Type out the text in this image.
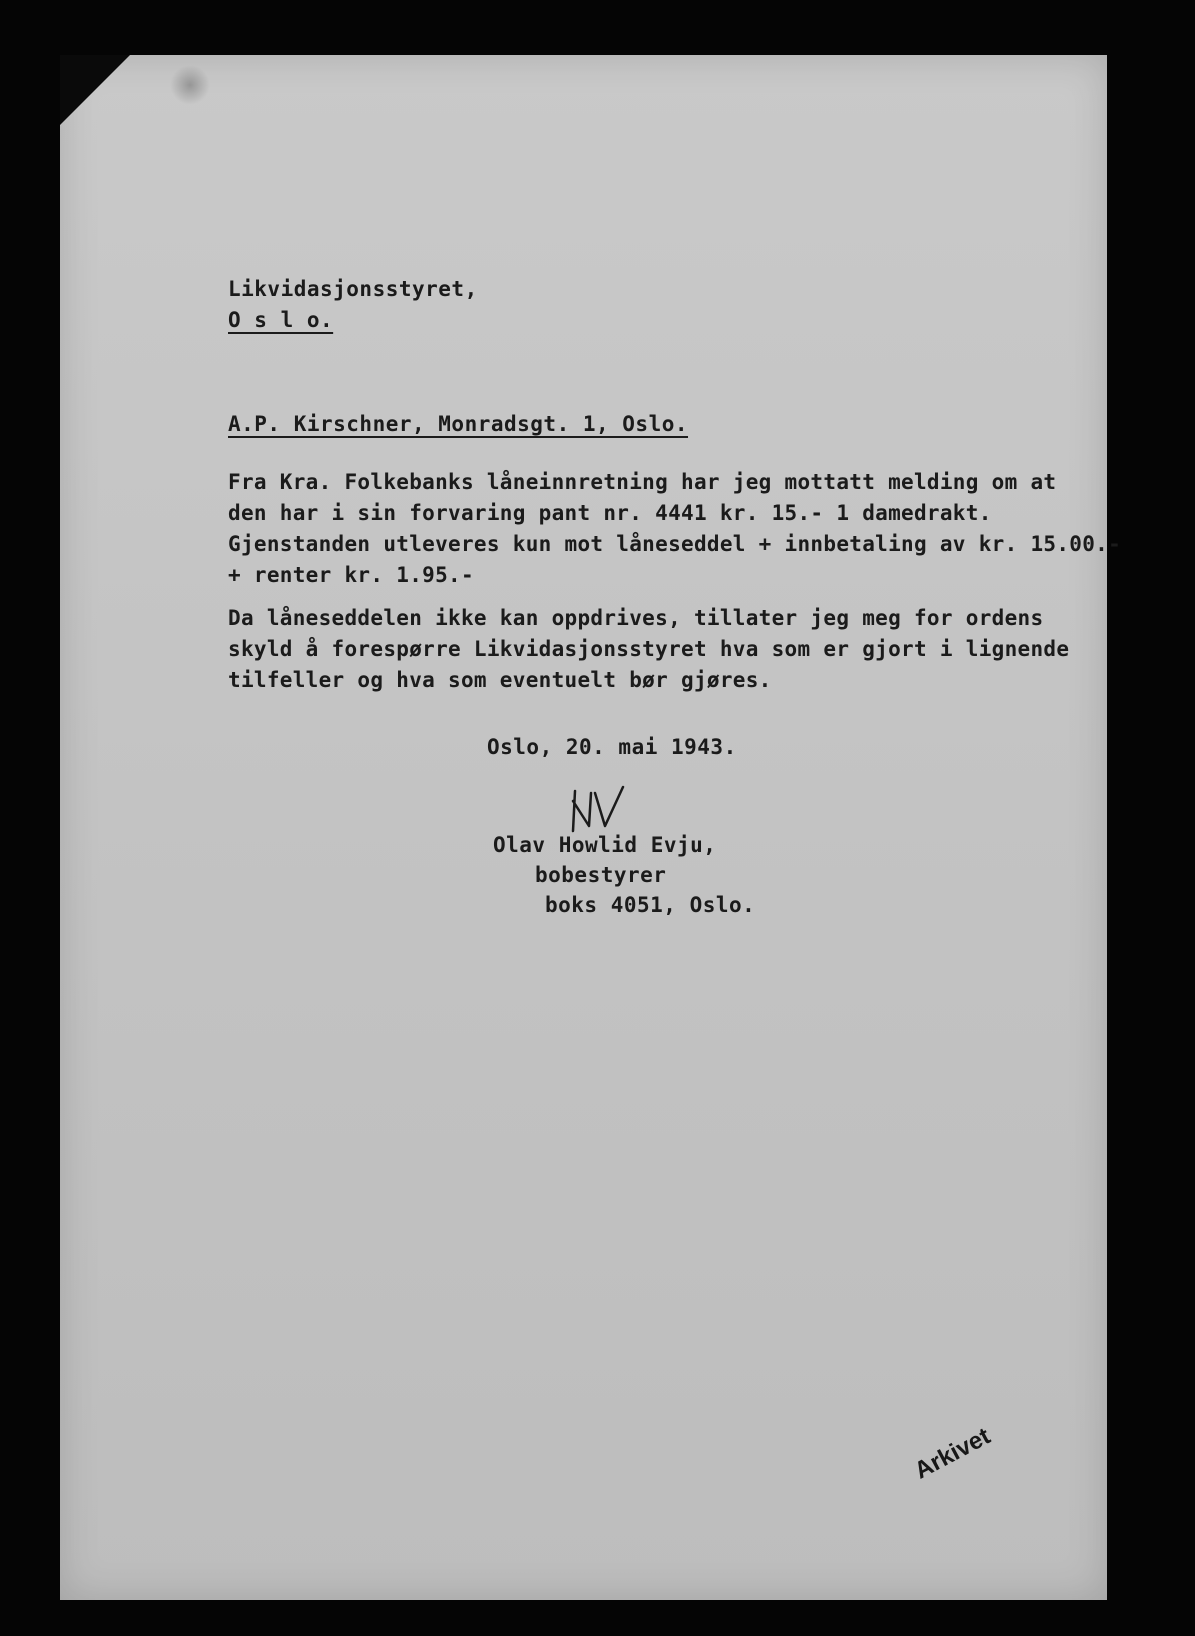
Likvidasjonsstyret,
O s l o.
A.P. Kirschner, Monradsgt. 1, Oslo.
Fra Kra. Folkebanks låneinnretning har jeg mottatt melding om at
den har i sin forvaring pant nr. 4441 kr. 15.- 1 damedrakt.
Gjenstanden utleveres kun mot låneseddel + innbetaling av kr. 15.00.-
+ renter kr. 1.95.-
Da låneseddelen ikke kan oppdrives, tillater jeg meg for ordens
skyld å forespørre Likvidasjonsstyret hva som er gjort i lignende
tilfeller og hva som eventuelt bør gjøres.
Oslo, 20. mai 1943.
Olav Howlid Evju,
bobestyrer
boks 4051, Oslo.
Arkivet
